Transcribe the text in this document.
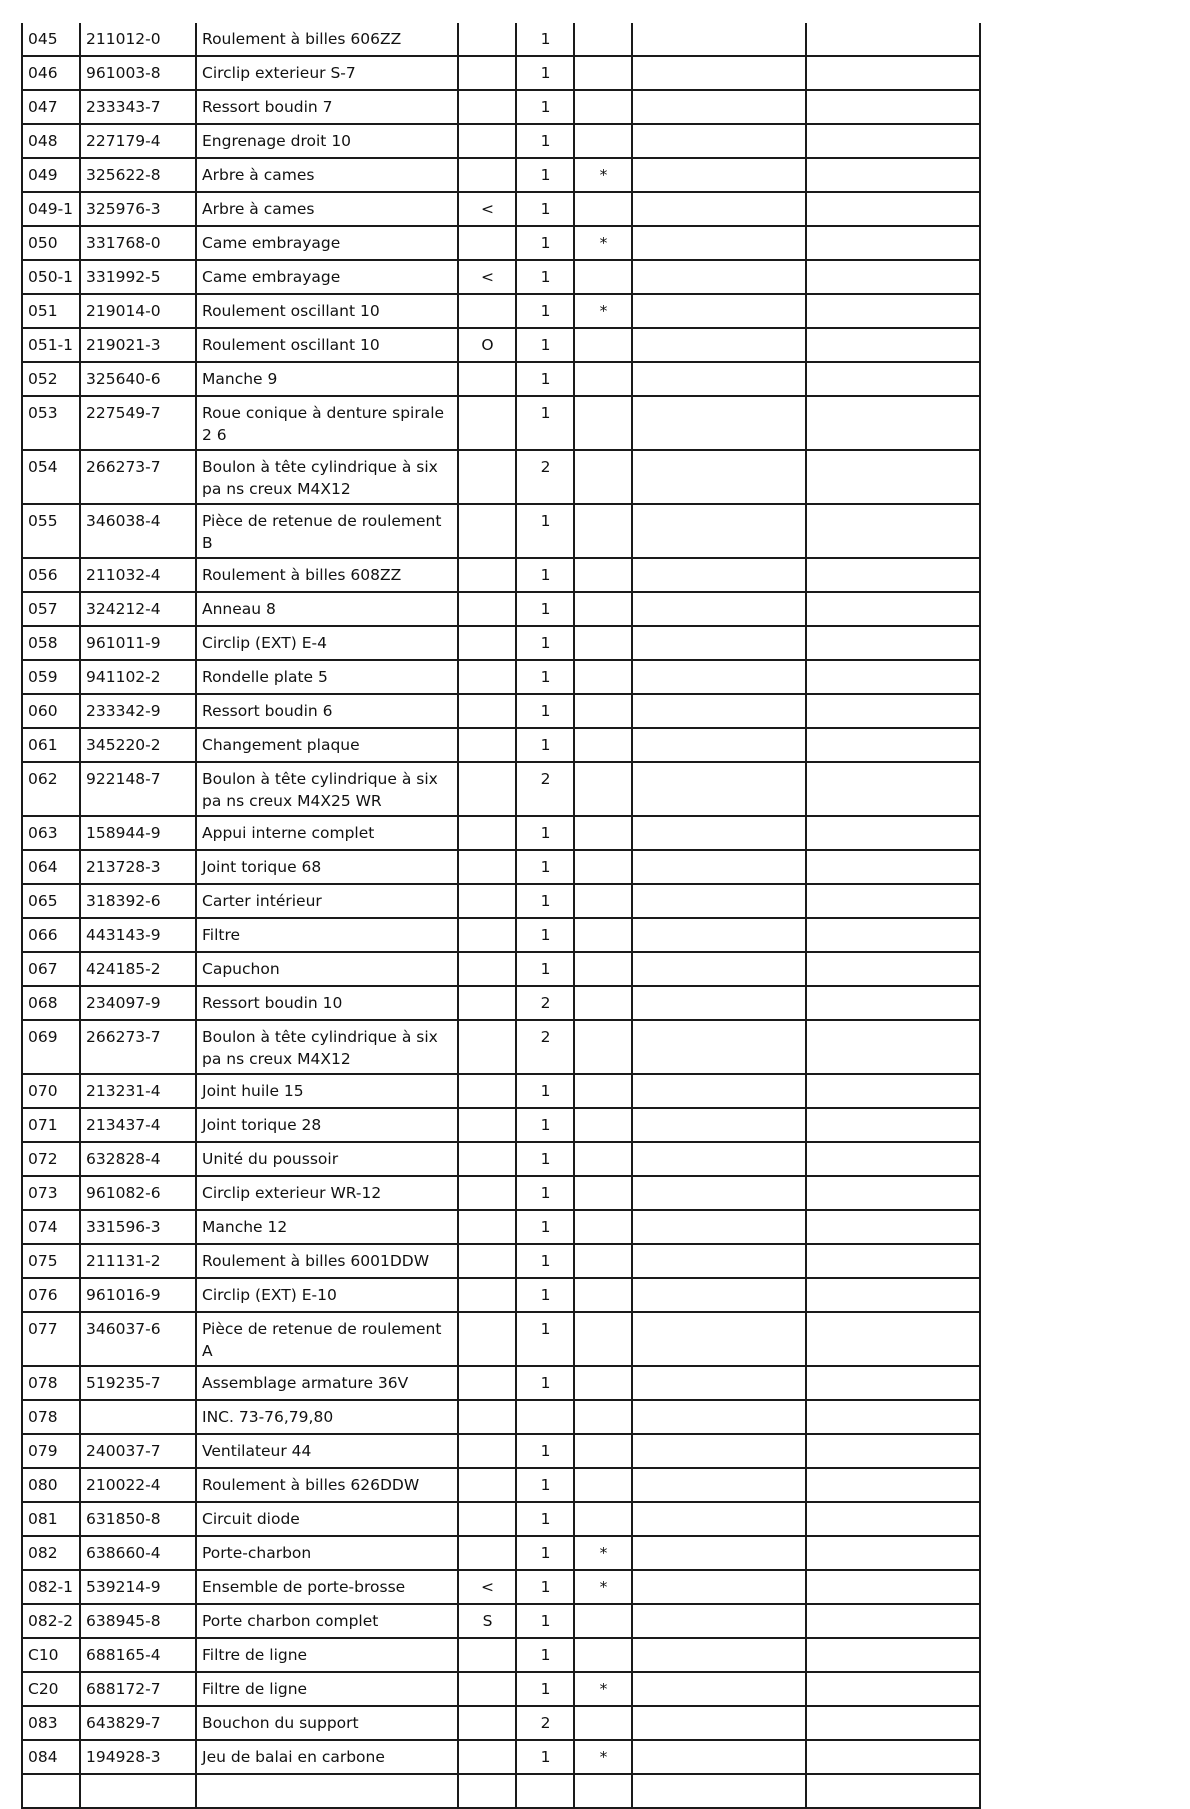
045	211012-0	Roulement à billes 606ZZ		1			
046	961003-8	Circlip exterieur S-7		1			
047	233343-7	Ressort boudin 7		1			
048	227179-4	Engrenage droit 10		1			
049	325622-8	Arbre à cames		1	*		
049-1	325976-3	Arbre à cames	<	1			
050	331768-0	Came embrayage		1	*		
050-1	331992-5	Came embrayage	<	1			
051	219014-0	Roulement oscillant 10		1	*		
051-1	219021-3	Roulement oscillant 10	O	1			
052	325640-6	Manche 9		1			
053	227549-7	Roue conique à denture spirale 2 6		1			
054	266273-7	Boulon à tête cylindrique à six pa ns creux M4X12		2			
055	346038-4	Pièce de retenue de roulement B		1			
056	211032-4	Roulement à billes 608ZZ		1			
057	324212-4	Anneau 8		1			
058	961011-9	Circlip (EXT) E-4		1			
059	941102-2	Rondelle plate 5		1			
060	233342-9	Ressort boudin 6		1			
061	345220-2	Changement plaque		1			
062	922148-7	Boulon à tête cylindrique à six pa ns creux M4X25 WR		2			
063	158944-9	Appui interne complet		1			
064	213728-3	Joint torique 68		1			
065	318392-6	Carter intérieur		1			
066	443143-9	Filtre		1			
067	424185-2	Capuchon		1			
068	234097-9	Ressort boudin 10		2			
069	266273-7	Boulon à tête cylindrique à six pa ns creux M4X12		2			
070	213231-4	Joint huile 15		1			
071	213437-4	Joint torique 28		1			
072	632828-4	Unité du poussoir		1			
073	961082-6	Circlip exterieur WR-12		1			
074	331596-3	Manche 12		1			
075	211131-2	Roulement à billes 6001DDW		1			
076	961016-9	Circlip (EXT) E-10		1			
077	346037-6	Pièce de retenue de roulement A		1			
078	519235-7	Assemblage armature 36V		1			
078		INC. 73-76,79,80					
079	240037-7	Ventilateur 44		1			
080	210022-4	Roulement à billes 626DDW		1			
081	631850-8	Circuit diode		1			
082	638660-4	Porte-charbon		1	*		
082-1	539214-9	Ensemble de porte-brosse	<	1	*		
082-2	638945-8	Porte charbon complet	S	1			
C10	688165-4	Filtre de ligne		1			
C20	688172-7	Filtre de ligne		1	*		
083	643829-7	Bouchon du support		2			
084	194928-3	Jeu de balai en carbone		1	*		
